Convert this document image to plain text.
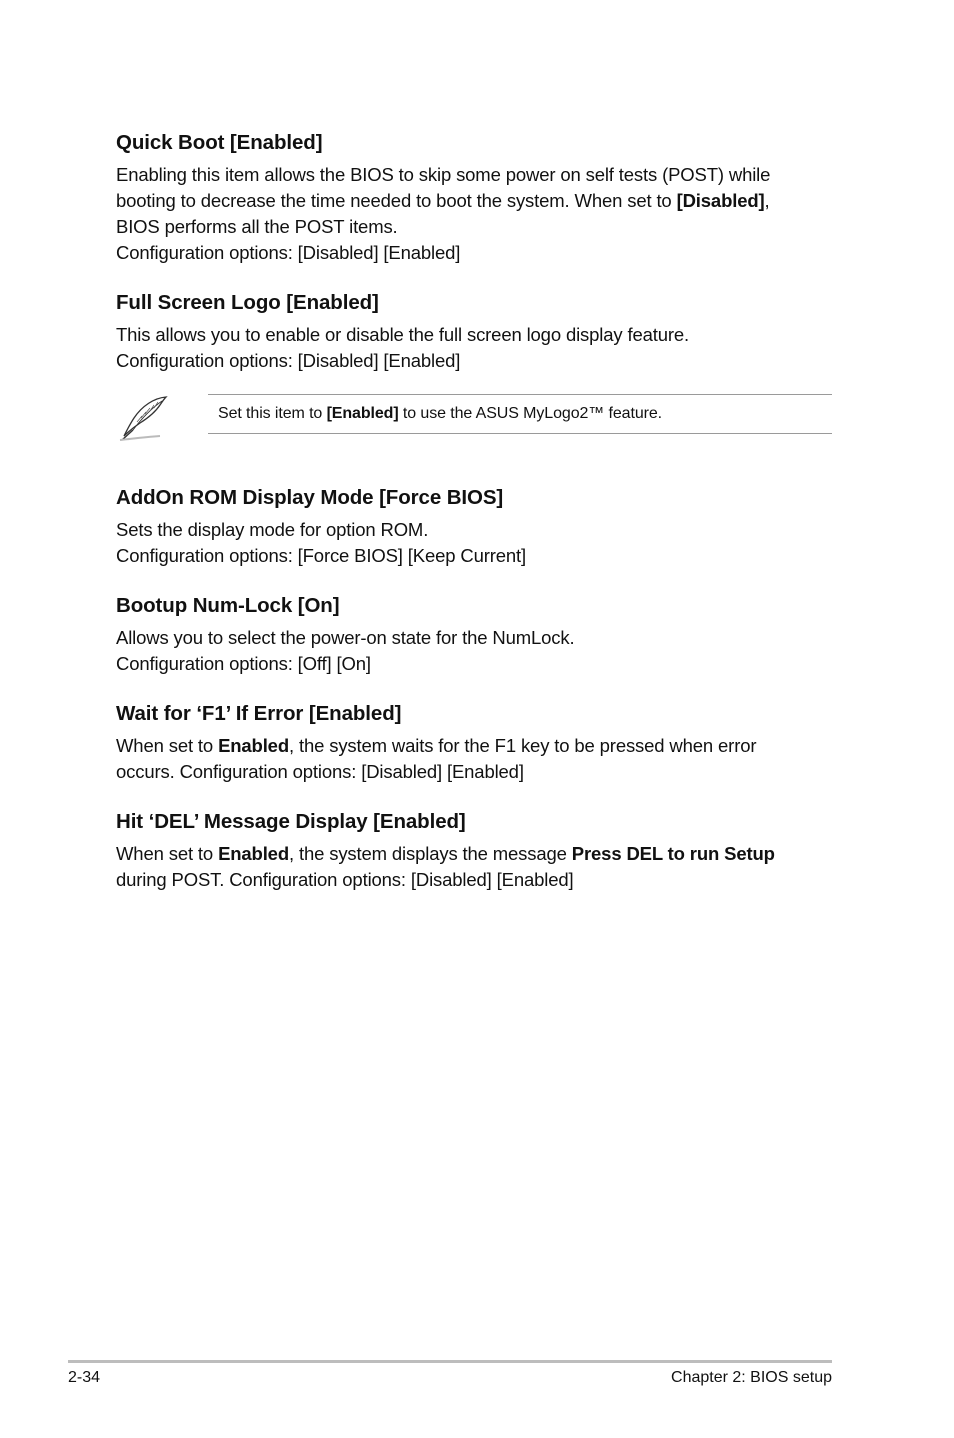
Quick Boot [Enabled]

Enabling this item allows the BIOS to skip some power on self tests (POST) while
booting to decrease the time needed to boot the system. When set to [Disabled],
BIOS performs all the POST items.
Configuration options: [Disabled] [Enabled]

Full Screen Logo [Enabled]

This allows you to enable or disable the full screen logo display feature.
Configuration options: [Disabled] [Enabled]

Set this item to [Enabled] to use the ASUS MyLogo2™ feature.

AddOn ROM Display Mode [Force BIOS]

Sets the display mode for option ROM.
Configuration options: [Force BIOS] [Keep Current]

Bootup Num-Lock [On]

Allows you to select the power-on state for the NumLock.
Configuration options: [Off] [On]

Wait for ‘F1’ If Error [Enabled]

When set to Enabled, the system waits for the F1 key to be pressed when error
occurs. Configuration options: [Disabled] [Enabled]

Hit ‘DEL’ Message Display [Enabled]

When set to Enabled, the system displays the message Press DEL to run Setup
during POST. Configuration options: [Disabled] [Enabled]

2-34	Chapter 2: BIOS setup
